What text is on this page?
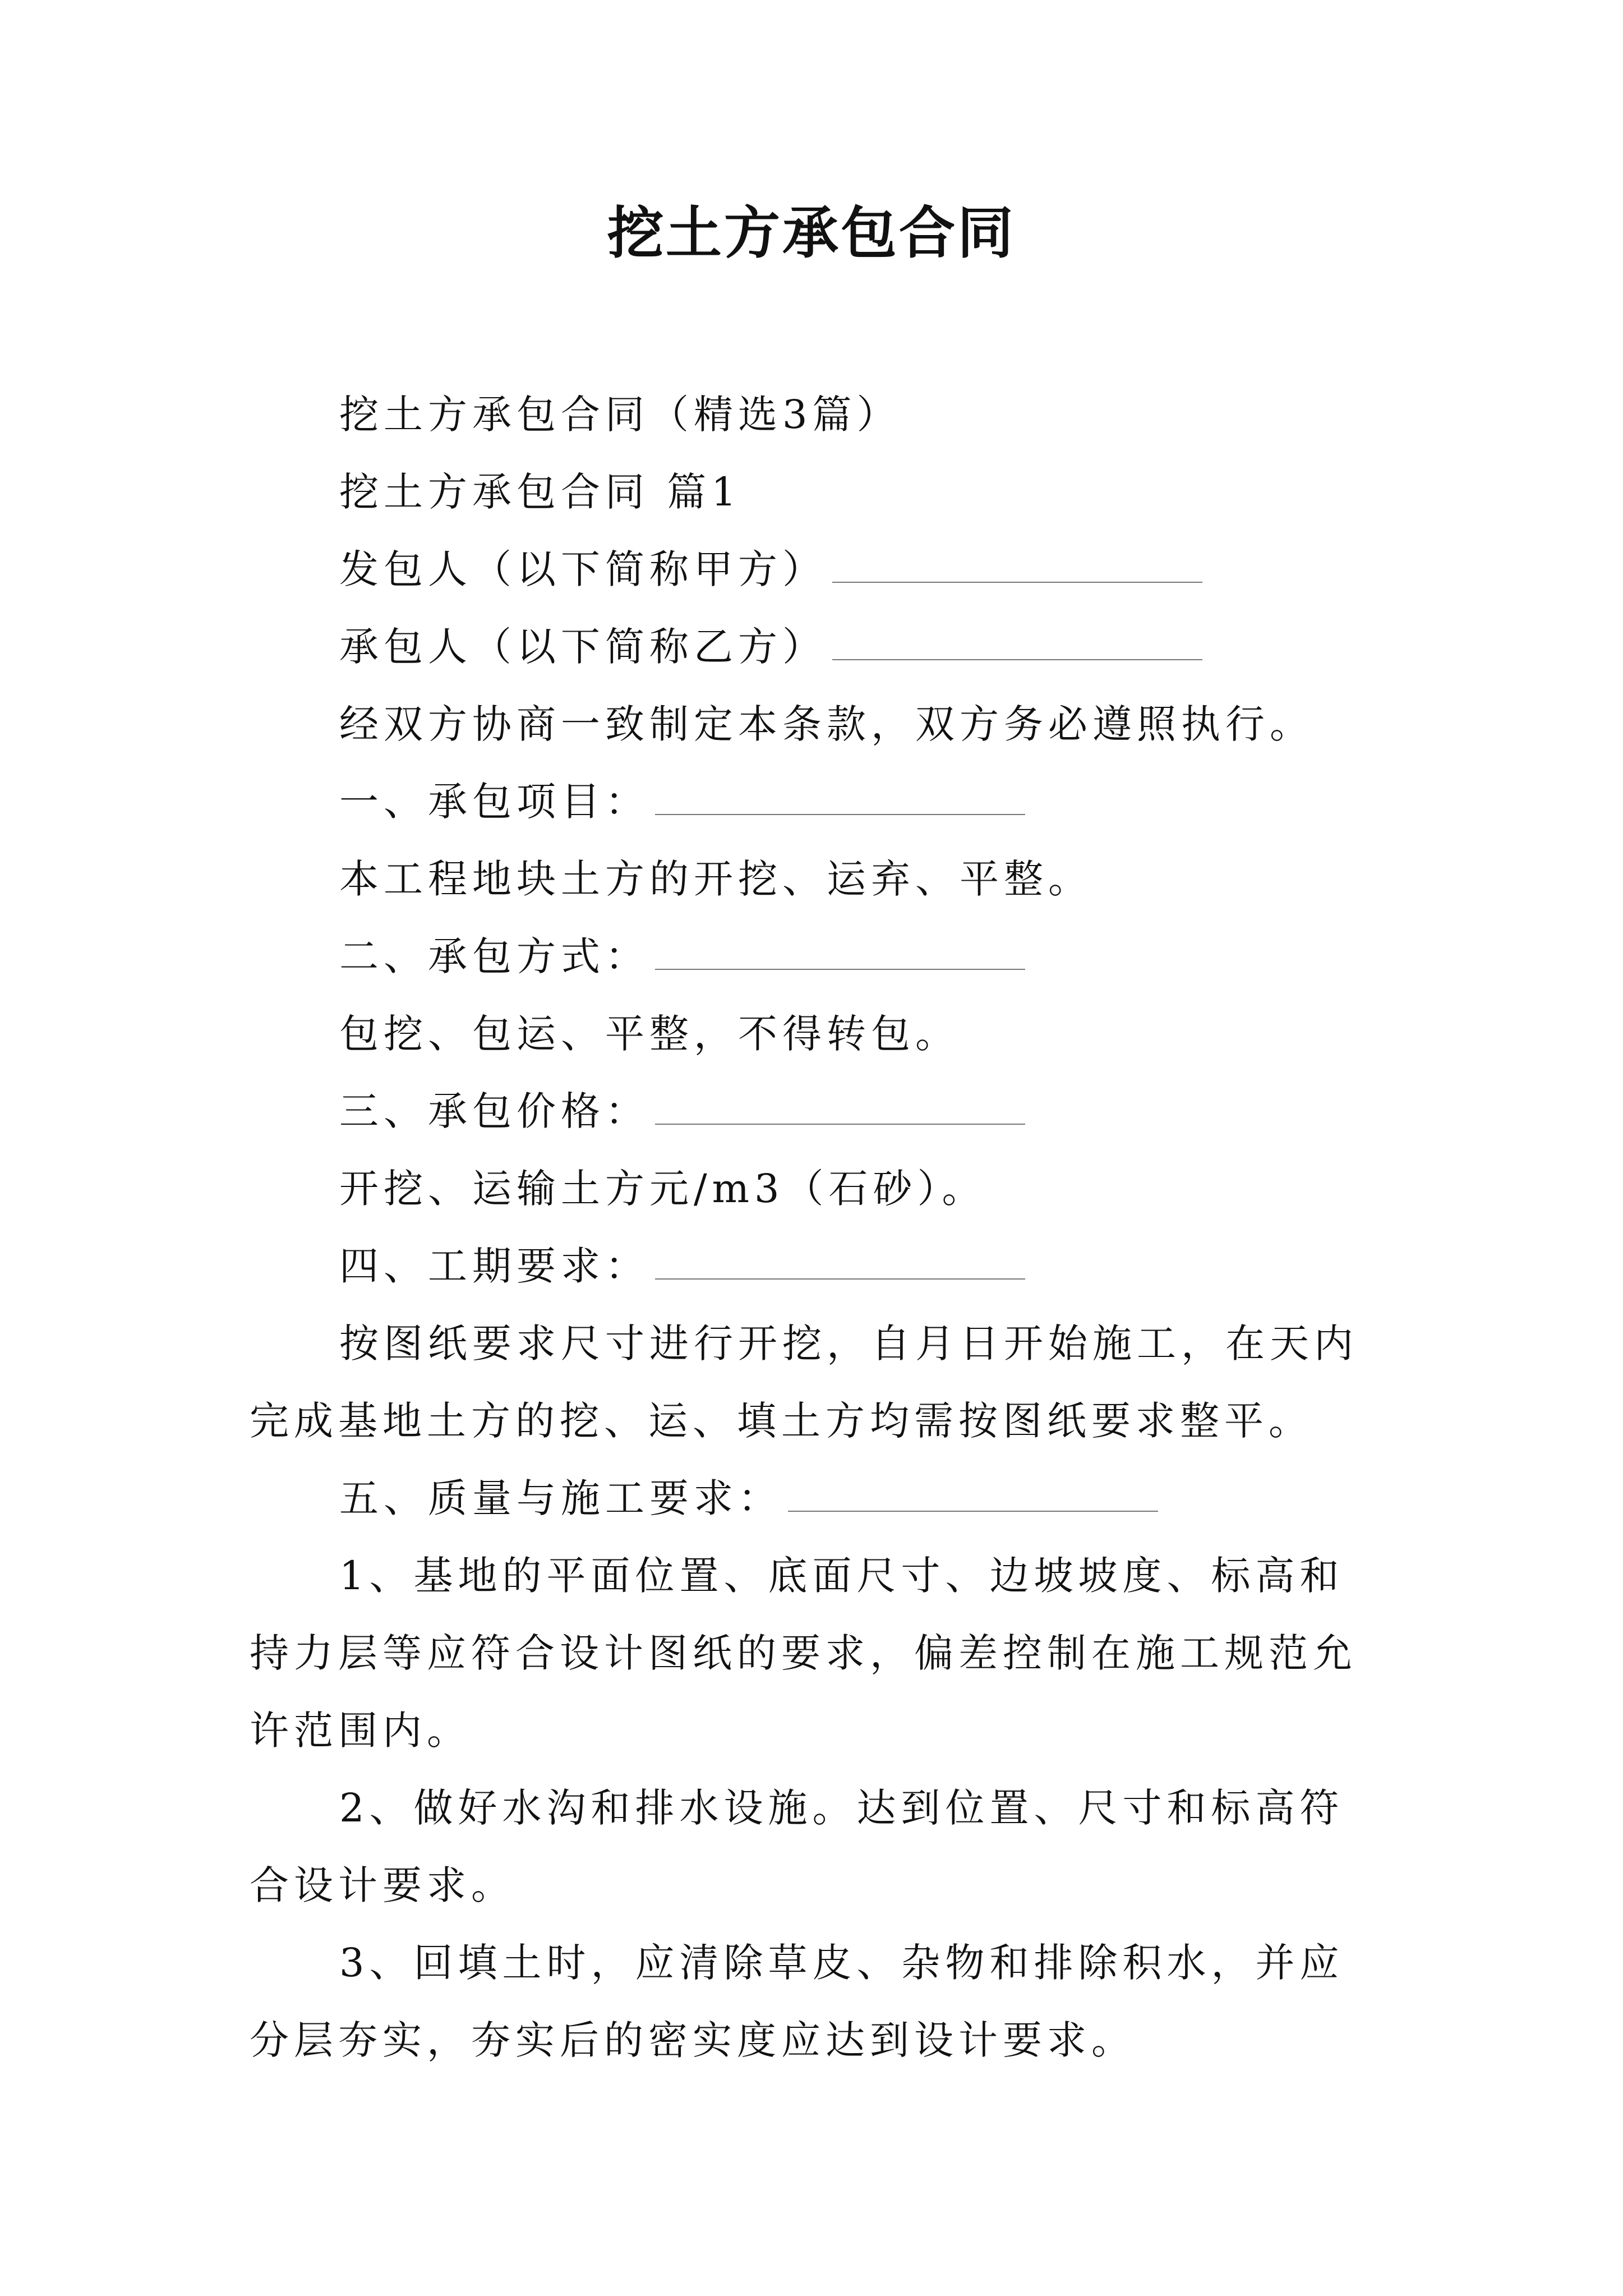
挖土方承包合同

挖土方承包合同（精选3篇）

挖土方承包合同 篇1

发包人（以下简称甲方）

承包人（以下简称乙方）

经双方协商一致制定本条款，双方务必遵照执行。

一、承包项目：

本工程地块土方的开挖、运弃、平整。

二、承包方式：

包挖、包运、平整，不得转包。

三、承包价格：

开挖、运输土方元/m3（石砂）。

四、工期要求：

按图纸要求尺寸进行开挖，自月日开始施工，在天内完成基地土方的挖、运、填土方均需按图纸要求整平。

五、质量与施工要求：

1、基地的平面位置、底面尺寸、边坡坡度、标高和持力层等应符合设计图纸的要求，偏差控制在施工规范允许范围内。

2、做好水沟和排水设施。达到位置、尺寸和标高符合设计要求。

3、回填土时，应清除草皮、杂物和排除积水，并应分层夯实，夯实后的密实度应达到设计要求。
